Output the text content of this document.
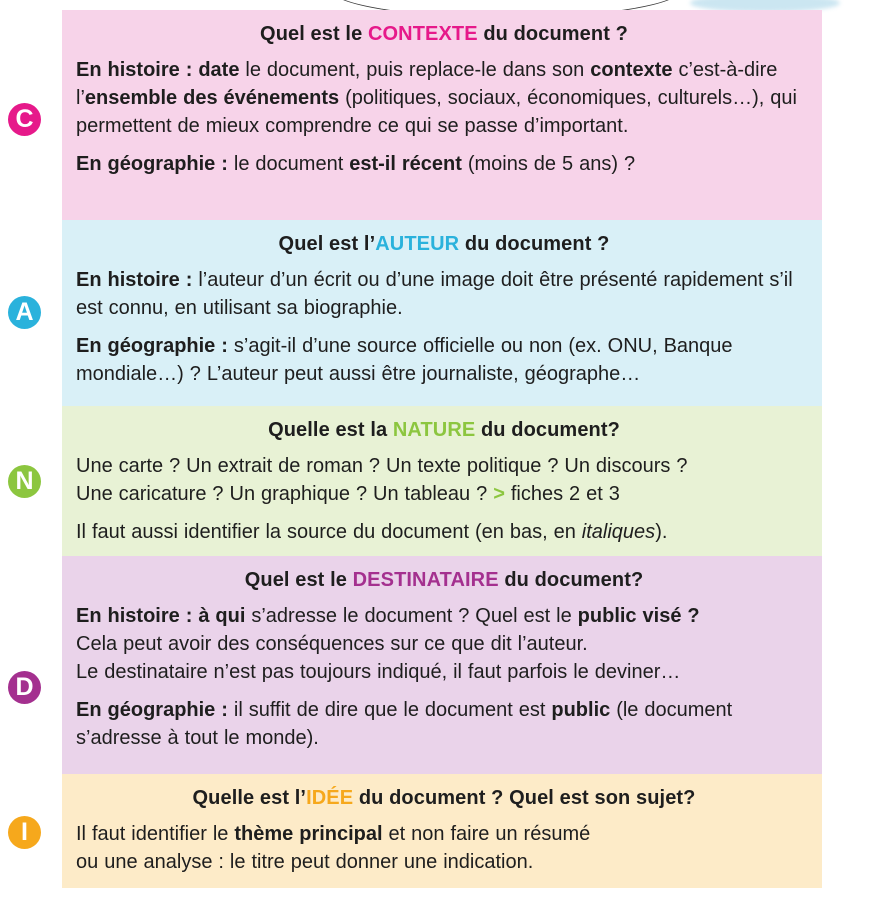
Quel est le CONTEXTE du document ?
En histoire : date le document, puis replace-le dans son contexte c’est-à-dire l’ensemble des événements (politiques, sociaux, économiques, culturels…), qui permettent de mieux comprendre ce qui se passe d’important.
En géographie : le document est-il récent (moins de 5 ans) ?
C
Quel est l’AUTEUR du document ?
En histoire : l’auteur d’un écrit ou d’une image doit être présenté rapidement s’il est connu, en utilisant sa biographie.
En géographie : s’agit-il d’une source officielle ou non (ex. ONU, Banque mondiale…) ? L’auteur peut aussi être journaliste, géographe…
A
Quelle est la NATURE du document?
Une carte ? Un extrait de roman ? Un texte politique ? Un discours ?
Une caricature ? Un graphique ? Un tableau ? > fiches 2 et 3
Il faut aussi identifier la source du document (en bas, en italiques).
N
Quel est le DESTINATAIRE du document?
En histoire : à qui s’adresse le document ? Quel est le public visé ?
Cela peut avoir des conséquences sur ce que dit l’auteur.
Le destinataire n’est pas toujours indiqué, il faut parfois le deviner…
En géographie : il suffit de dire que le document est public (le document s’adresse à tout le monde).
D
Quelle est l’IDÉE du document ? Quel est son sujet?
Il faut identifier le thème principal et non faire un résumé
ou une analyse : le titre peut donner une indication.
I
